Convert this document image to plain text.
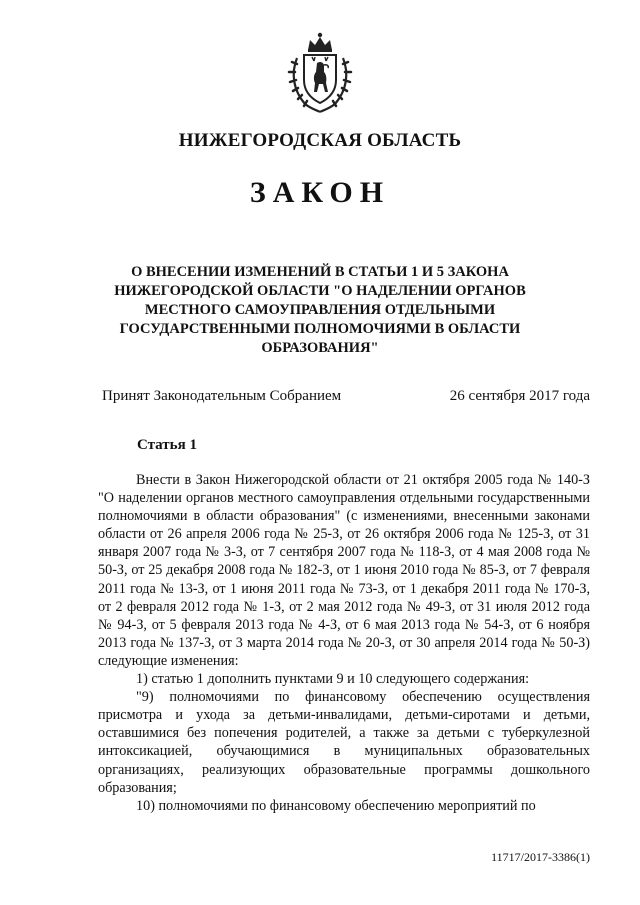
НИЖЕГОРОДСКАЯ ОБЛАСТЬ
ЗАКОН
О ВНЕСЕНИИ ИЗМЕНЕНИЙ В СТАТЬИ 1 И 5 ЗАКОНА
НИЖЕГОРОДСКОЙ ОБЛАСТИ "О НАДЕЛЕНИИ ОРГАНОВ
МЕСТНОГО САМОУПРАВЛЕНИЯ ОТДЕЛЬНЫМИ
ГОСУДАРСТВЕННЫМИ ПОЛНОМОЧИЯМИ В ОБЛАСТИ
ОБРАЗОВАНИЯ"
Принят Законодательным Собранием	26 сентября 2017 года
Статья 1

Внести в Закон Нижегородской области от 21 октября 2005 года № 140-З "О наделении органов местного самоуправления отдельными государственными полномочиями в области образования" (с изменениями, внесенными законами области от 26 апреля 2006 года № 25-З, от 26 октября 2006 года № 125-З, от 31 января 2007 года № 3-З, от 7 сентября 2007 года № 118-З, от 4 мая 2008 года № 50-З, от 25 декабря 2008 года № 182-З, от 1 июня 2010 года № 85-З, от 7 февраля 2011 года № 13-З, от 1 июня 2011 года № 73-З, от 1 декабря 2011 года № 170-З, от 2 февраля 2012 года № 1-З, от 2 мая 2012 года № 49-З, от 31 июля 2012 года № 94-З, от 5 февраля 2013 года № 4-З, от 6 мая 2013 года № 54-З, от 6 ноября 2013 года № 137-З, от 3 марта 2014 года № 20-З, от 30 апреля 2014 года № 50-З) следующие изменения:

1) статью 1 дополнить пунктами 9 и 10 следующего содержания:

"9) полномочиями по финансовому обеспечению осуществления присмотра и ухода за детьми-инвалидами, детьми-сиротами и детьми, оставшимися без попечения родителей, а также за детьми с туберкулезной интоксикацией, обучающимися в муниципальных образовательных организациях, реализующих образовательные программы дошкольного образования;

10) полномочиями по финансовому обеспечению мероприятий по

11717/2017-3386(1)
